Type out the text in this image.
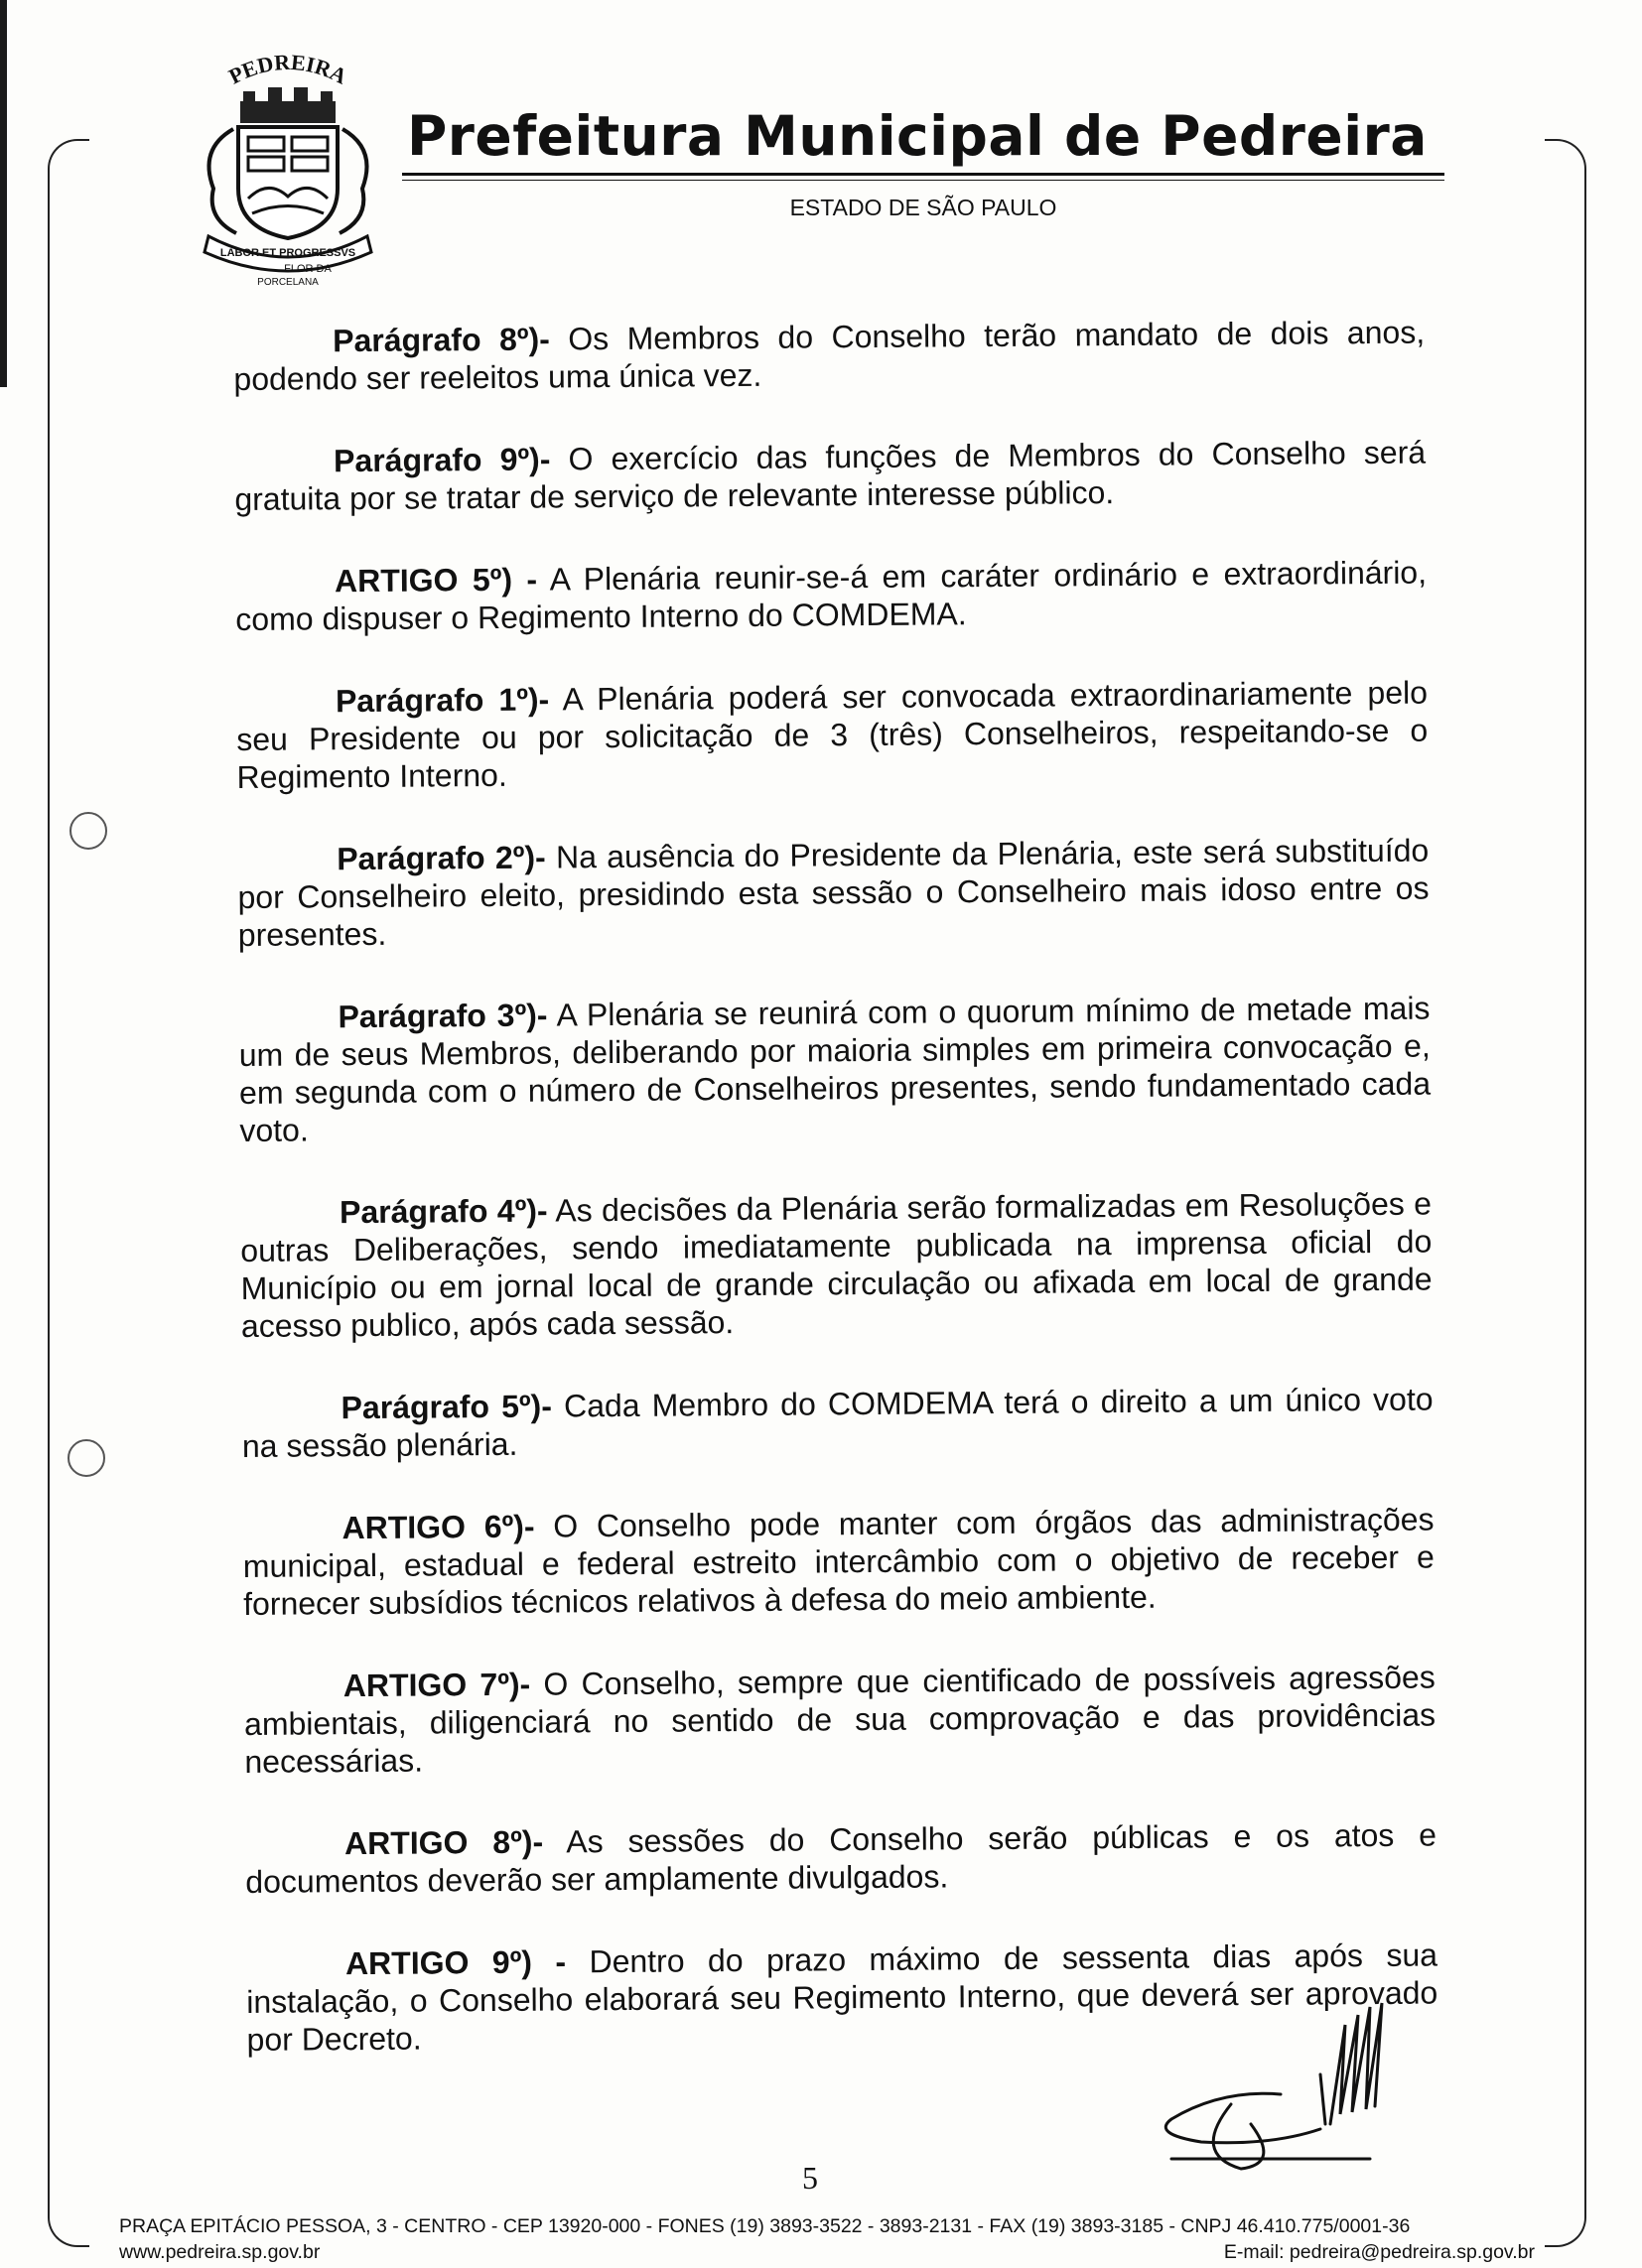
PEDREIRA
LABOR ET PROGRESSVS
FLOR DA
PORCELANA
Prefeitura Municipal de Pedreira
ESTADO DE SÃO PAULO

Parágrafo 8º)- Os Membros do Conselho terão mandato de dois anos, podendo ser reeleitos uma única vez.

Parágrafo 9º)- O exercício das funções de Membros do Conselho será gratuita por se tratar de serviço de relevante interesse público.

ARTIGO 5º) - A Plenária reunir-se-á em caráter ordinário e extraordinário, como dispuser o Regimento Interno do COMDEMA.

Parágrafo 1º)- A Plenária poderá ser convocada extraordinariamente pelo seu Presidente ou por solicitação de 3 (três) Conselheiros, respeitando-se o Regimento Interno.

Parágrafo 2º)- Na ausência do Presidente da Plenária, este será substituído por Conselheiro eleito, presidindo esta sessão o Conselheiro mais idoso entre os presentes.

Parágrafo 3º)- A Plenária se reunirá com o quorum mínimo de metade mais um de seus Membros, deliberando por maioria simples em primeira convocação e, em segunda com o número de Conselheiros presentes, sendo fundamentado cada voto.

Parágrafo 4º)- As decisões da Plenária serão formalizadas em Resoluções e outras Deliberações, sendo imediatamente publicada na imprensa oficial do Município ou em jornal local de grande circulação ou afixada em local de grande acesso publico, após cada sessão.

Parágrafo 5º)- Cada Membro do COMDEMA terá o direito a um único voto na sessão plenária.

ARTIGO 6º)- O Conselho pode manter com órgãos das administrações municipal, estadual e federal estreito intercâmbio com o objetivo de receber e fornecer subsídios técnicos relativos à defesa do meio ambiente.

ARTIGO 7º)- O Conselho, sempre que cientificado de possíveis agressões ambientais, diligenciará no sentido de sua comprovação e das providências necessárias.

ARTIGO 8º)- As sessões do Conselho serão públicas e os atos e documentos deverão ser amplamente divulgados.

ARTIGO 9º) - Dentro do prazo máximo de sessenta dias após sua instalação, o Conselho elaborará seu Regimento Interno, que deverá ser aprovado por Decreto.

5
PRAÇA EPITÁCIO PESSOA, 3 - CENTRO - CEP 13920-000 - FONES (19) 3893-3522 - 3893-2131 - FAX (19) 3893-3185 - CNPJ 46.410.775/0001-36
www.pedreira.sp.gov.br	E-mail: pedreira@pedreira.sp.gov.br
